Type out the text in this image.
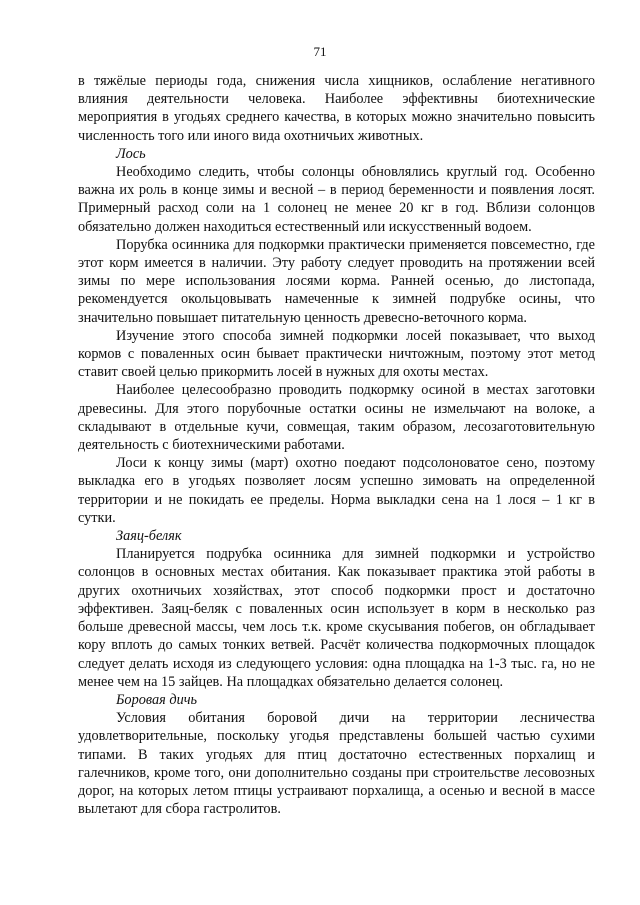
71

в тяжёлые периоды года, снижения числа хищников, ослабление негативного влияния деятельности человека. Наиболее эффективны биотехнические мероприятия в угодьях среднего качества, в которых можно значительно повысить численность того или иного вида охотничьих животных.

Лось

Необходимо следить, чтобы солонцы обновлялись круглый год. Особенно важна их роль в конце зимы и весной – в период беременности и появления лосят. Примерный расход соли на 1 солонец не менее 20 кг в год. Вблизи солонцов обязательно должен находиться естественный или искусственный водоем.

Порубка осинника для подкормки практически применяется повсеместно, где этот корм имеется в наличии. Эту работу следует проводить на протяжении всей зимы по мере использования лосями корма. Ранней осенью, до листопада, рекомендуется окольцовывать намеченные к зимней подрубке осины, что значительно повышает питательную ценность древесно-веточного корма.

Изучение этого способа зимней подкормки лосей показывает, что выход кормов с поваленных осин бывает практически ничтожным, поэтому этот метод ставит своей целью прикормить лосей в нужных для охоты местах.

Наиболее целесообразно проводить подкормку осиной в местах заготовки древесины. Для этого порубочные остатки осины не измельчают на волоке, а складывают в отдельные кучи, совмещая, таким образом, лесозаготовительную деятельность с биотехническими работами.

Лоси к концу зимы (март) охотно поедают подсолоноватое сено, поэтому выкладка его в угодьях позволяет лосям успешно зимовать на определенной территории и не покидать ее пределы. Норма выкладки сена на 1 лося – 1 кг в сутки.

Заяц-беляк

Планируется подрубка осинника для зимней подкормки и устройство солонцов в основных местах обитания. Как показывает практика этой работы в других охотничьих хозяйствах, этот способ подкормки прост и достаточно эффективен. Заяц-беляк с поваленных осин использует в корм в несколько раз больше древесной массы, чем лось т.к. кроме скусывания побегов, он обгладывает кору вплоть до самых тонких ветвей. Расчёт количества подкормочных площадок следует делать исходя из следующего условия: одна площадка на 1-3 тыс. га, но не менее чем на 15 зайцев. На площадках обязательно делается солонец.

Боровая дичь

Условия обитания боровой дичи на территории лесничества удовлетворительные, поскольку угодья представлены большей частью сухими типами. В таких угодьях для птиц достаточно естественных порхалищ и галечников, кроме того, они дополнительно созданы при строительстве лесовозных дорог, на которых летом птицы устраивают порхалища, а осенью и весной в массе вылетают для сбора гастролитов.
